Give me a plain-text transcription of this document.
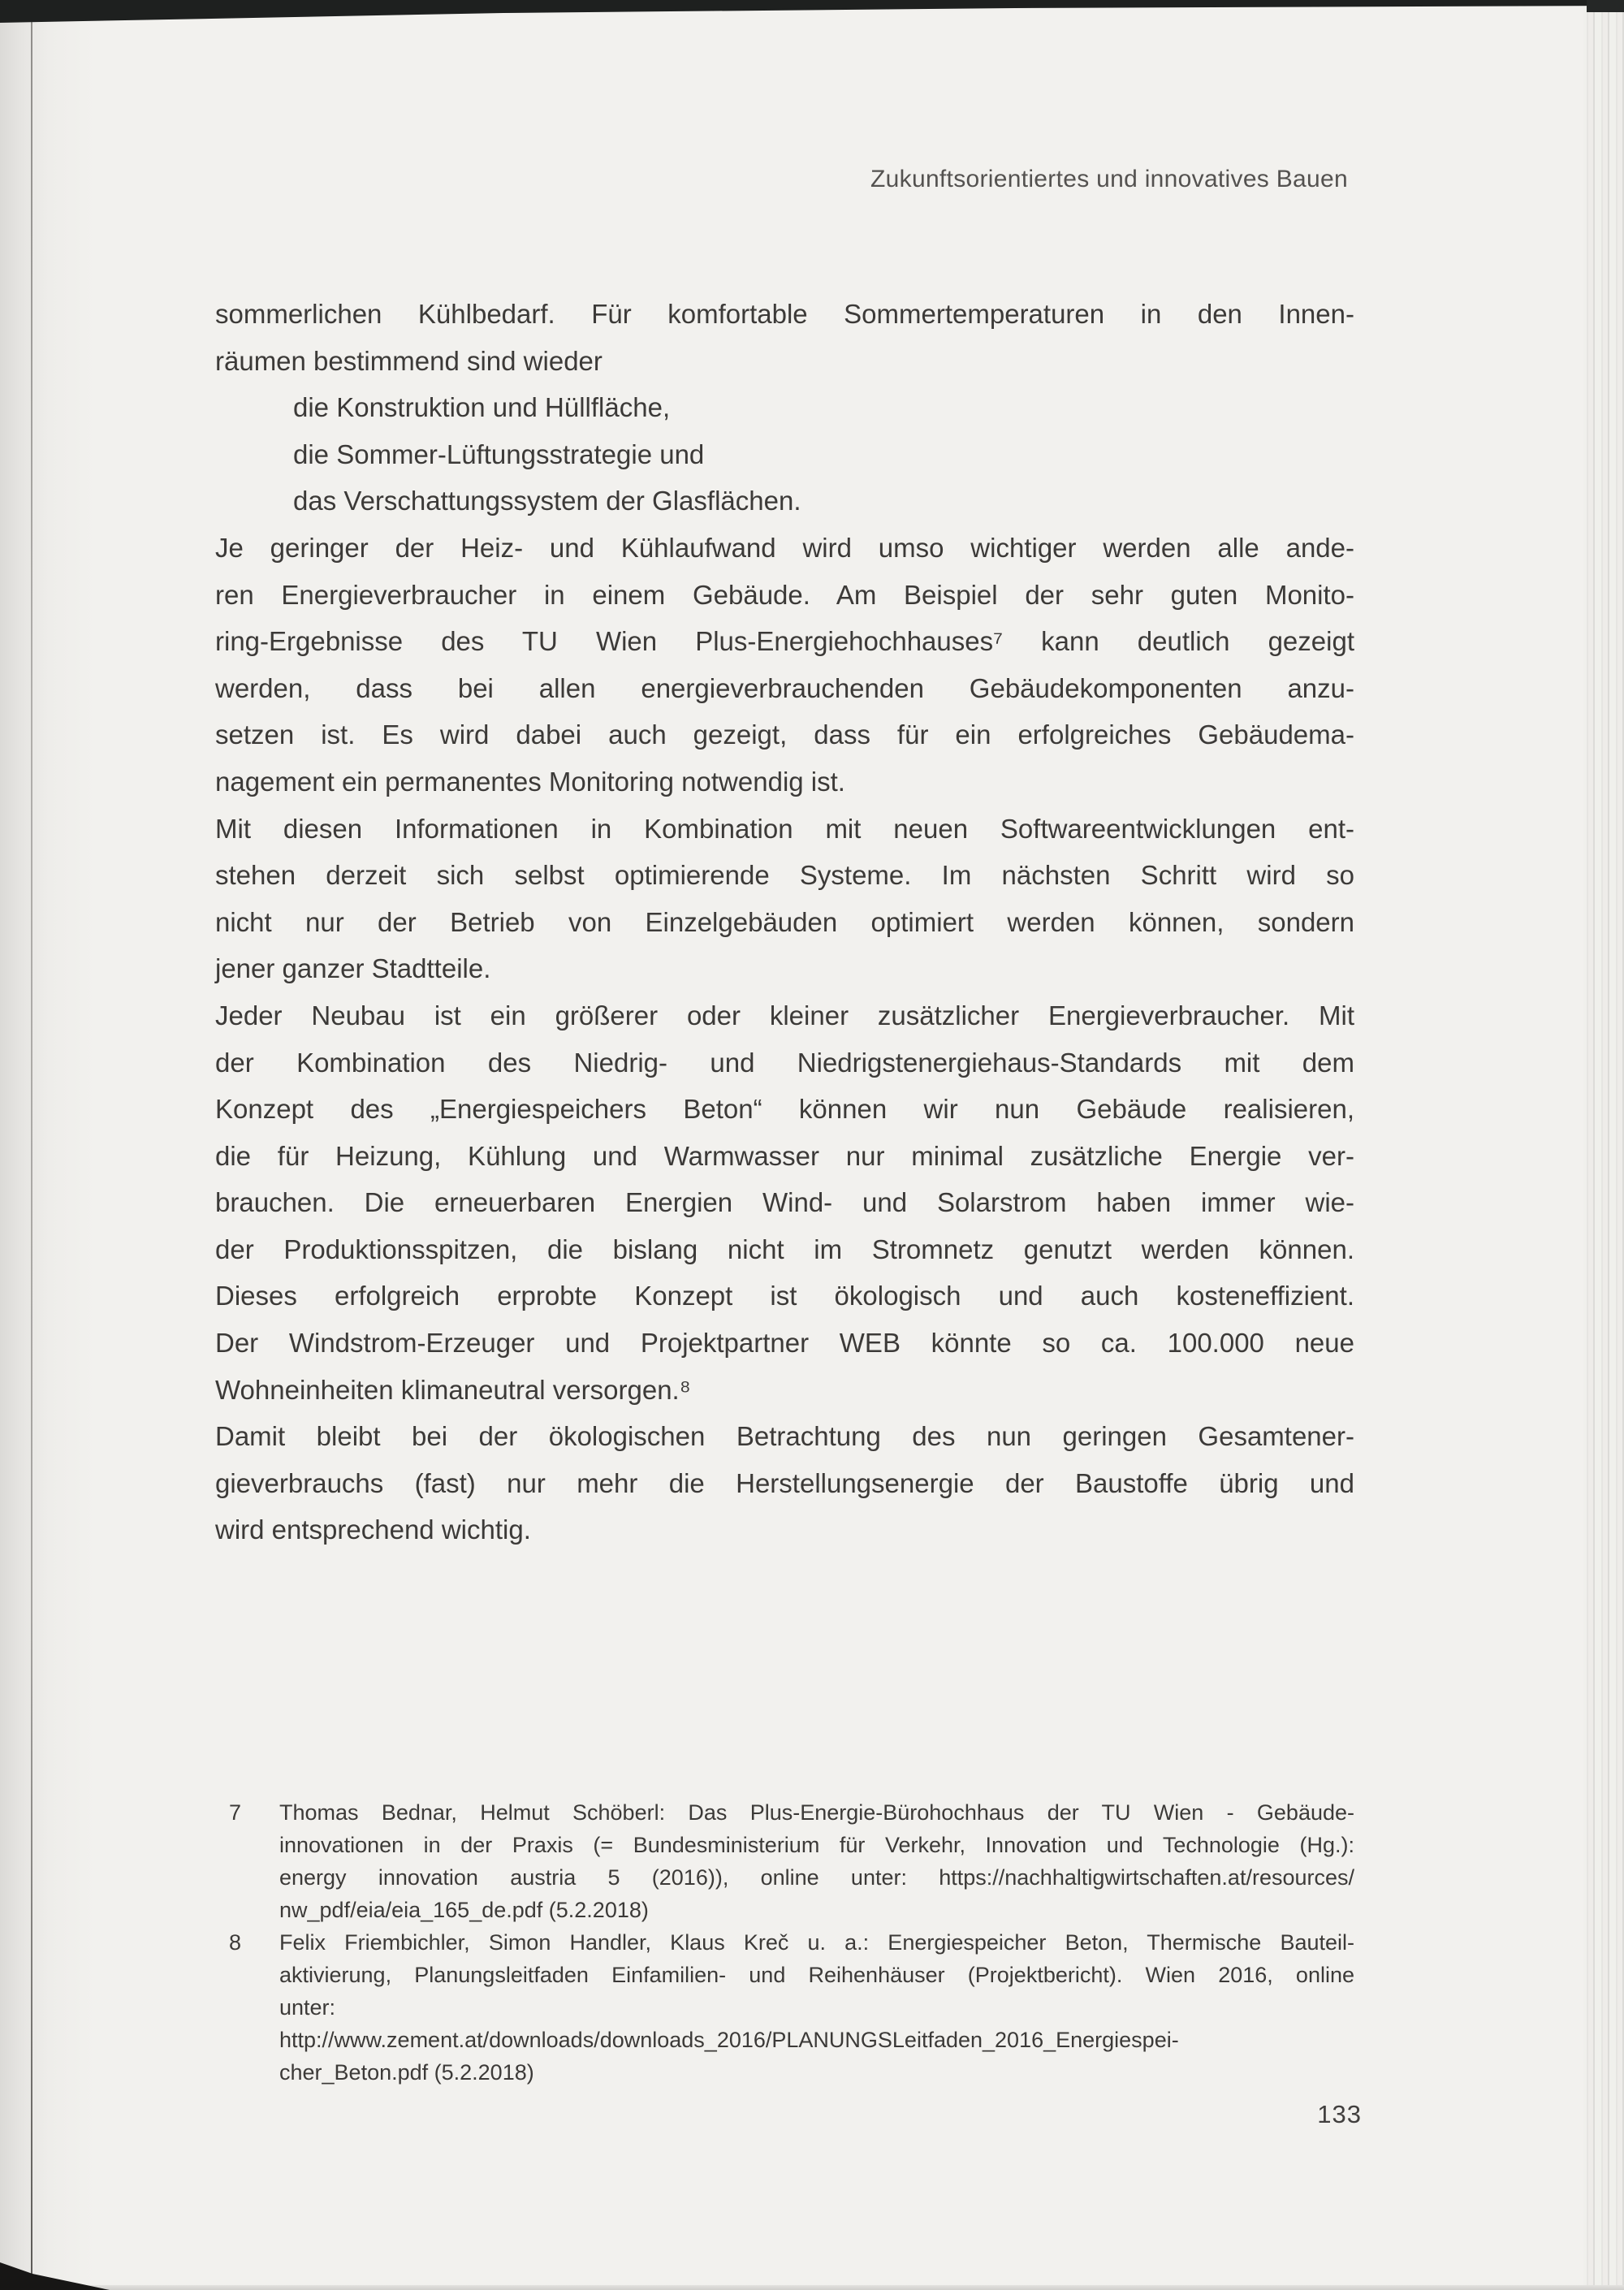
Zukunftsorientiertes und innovatives Bauen
sommerlichen Kühlbedarf. Für komfortable Sommertemperaturen in den Innen-
räumen bestimmend sind wieder
die Konstruktion und Hüllfläche,
die Sommer-Lüftungsstrategie und
das Verschattungssystem der Glasflächen.
Je geringer der Heiz- und Kühlaufwand wird umso wichtiger werden alle ande-
ren Energieverbraucher in einem Gebäude. Am Beispiel der sehr guten Monito-
ring-Ergebnisse des TU Wien Plus-Energiehochhauses⁷ kann deutlich gezeigt
werden, dass bei allen energieverbrauchenden Gebäudekomponenten anzu-
setzen ist. Es wird dabei auch gezeigt, dass für ein erfolgreiches Gebäudema-
nagement ein permanentes Monitoring notwendig ist.
Mit diesen Informationen in Kombination mit neuen Softwareentwicklungen ent-
stehen derzeit sich selbst optimierende Systeme. Im nächsten Schritt wird so
nicht nur der Betrieb von Einzelgebäuden optimiert werden können, sondern
jener ganzer Stadtteile.
Jeder Neubau ist ein größerer oder kleiner zusätzlicher Energieverbraucher. Mit
der Kombination des Niedrig- und Niedrigstenergiehaus-Standards mit dem
Konzept des „Energiespeichers Beton“ können wir nun Gebäude realisieren,
die für Heizung, Kühlung und Warmwasser nur minimal zusätzliche Energie ver-
brauchen. Die erneuerbaren Energien Wind- und Solarstrom haben immer wie-
der Produktionsspitzen, die bislang nicht im Stromnetz genutzt werden können.
Dieses erfolgreich erprobte Konzept ist ökologisch und auch kosteneffizient.
Der Windstrom-Erzeuger und Projektpartner WEB könnte so ca. 100.000 neue
Wohneinheiten klimaneutral versorgen.⁸
Damit bleibt bei der ökologischen Betrachtung des nun geringen Gesamtener-
gieverbrauchs (fast) nur mehr die Herstellungsenergie der Baustoffe übrig und
wird entsprechend wichtig.
7	Thomas Bednar, Helmut Schöberl: Das Plus-Energie-Bürohochhaus der TU Wien - Gebäude-
innovationen in der Praxis (= Bundesministerium für Verkehr, Innovation und Technologie (Hg.):
energy innovation austria 5 (2016)), online unter: https://nachhaltigwirtschaften.at/resources/
nw_pdf/eia/eia_165_de.pdf (5.2.2018)
8	Felix Friembichler, Simon Handler, Klaus Kreč u. a.: Energiespeicher Beton, Thermische Bauteil-
aktivierung, Planungsleitfaden Einfamilien- und Reihenhäuser (Projektbericht). Wien 2016, online
unter:
http://www.zement.at/downloads/downloads_2016/PLANUNGSLeitfaden_2016_Energiespei-
cher_Beton.pdf (5.2.2018)
133
